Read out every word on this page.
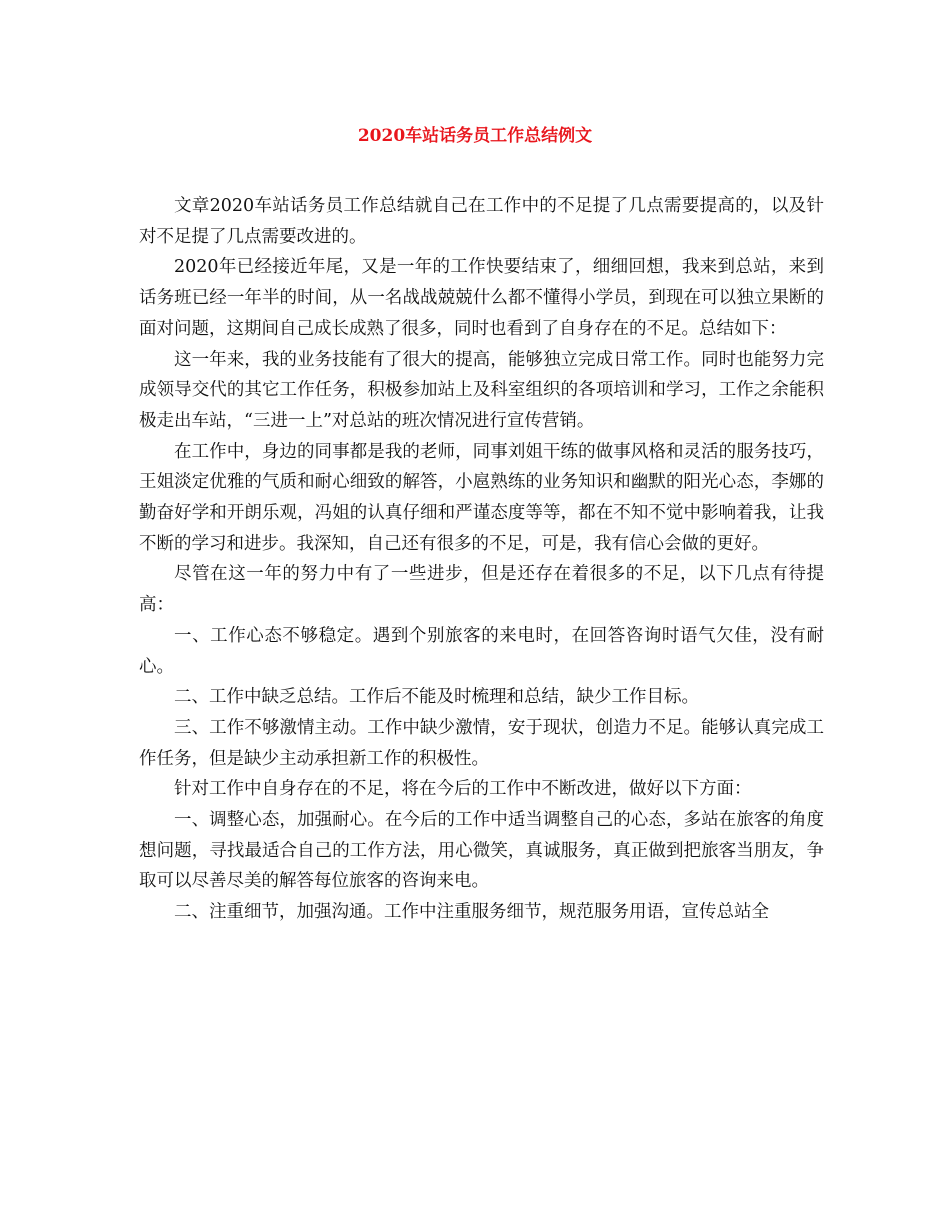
2020车站话务员工作总结例文

文章2020车站话务员工作总结就自己在工作中的不足提了几点需要提高的，以及针对不足提了几点需要改进的。

2020年已经接近年尾，又是一年的工作快要结束了，细细回想，我来到总站，来到话务班已经一年半的时间，从一名战战兢兢什么都不懂得小学员，到现在可以独立果断的面对问题，这期间自己成长成熟了很多，同时也看到了自身存在的不足。总结如下：

这一年来，我的业务技能有了很大的提高，能够独立完成日常工作。同时也能努力完成领导交代的其它工作任务，积极参加站上及科室组织的各项培训和学习，工作之余能积极走出车站，“三进一上”对总站的班次情况进行宣传营销。

在工作中，身边的同事都是我的老师，同事刘姐干练的做事风格和灵活的服务技巧，王姐淡定优雅的气质和耐心细致的解答，小扈熟练的业务知识和幽默的阳光心态，李娜的勤奋好学和开朗乐观，冯姐的认真仔细和严谨态度等等，都在不知不觉中影响着我，让我不断的学习和进步。我深知，自己还有很多的不足，可是，我有信心会做的更好。

尽管在这一年的努力中有了一些进步，但是还存在着很多的不足，以下几点有待提高：

一、工作心态不够稳定。遇到个别旅客的来电时，在回答咨询时语气欠佳，没有耐心。

二、工作中缺乏总结。工作后不能及时梳理和总结，缺少工作目标。

三、工作不够激情主动。工作中缺少激情，安于现状，创造力不足。能够认真完成工作任务，但是缺少主动承担新工作的积极性。

针对工作中自身存在的不足，将在今后的工作中不断改进，做好以下方面：

一、调整心态，加强耐心。在今后的工作中适当调整自己的心态，多站在旅客的角度想问题，寻找最适合自己的工作方法，用心微笑，真诚服务，真正做到把旅客当朋友，争取可以尽善尽美的解答每位旅客的咨询来电。

二、注重细节，加强沟通。工作中注重服务细节，规范服务用语，宣传总站全
